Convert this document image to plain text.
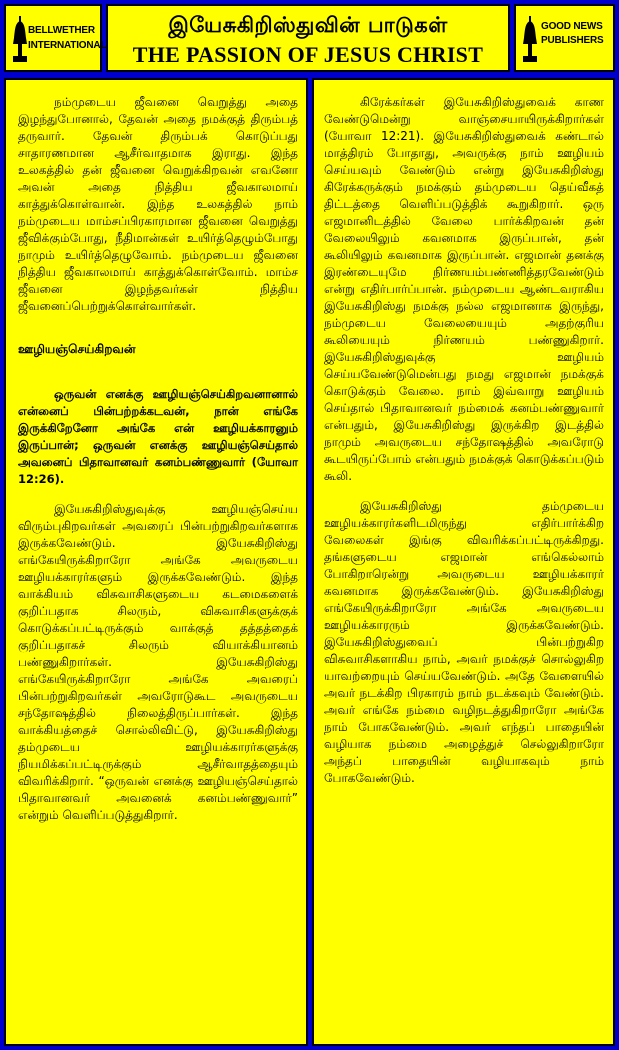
BELLWETHER
INTERNATIONAL
இயேசுகிறிஸ்துவின் பாடுகள்
THE PASSION OF JESUS CHRIST
GOOD NEWS
PUBLISHERS

நம்முடைய ஜீவனை வெறுத்து அதை இழந்துபோனால், தேவன் அதை நமக்குத் திரும்பத் தருவார். தேவன் திரும்பக் கொடுப்பது சாதாரணமான ஆசீர்வாதமாக இராது. இந்த உலகத்தில் தன் ஜீவனை வெறுக்கிறவன் எவனோ அவன் அதை நித்திய ஜீவகாலமாய் காத்துக்கொள்வான். இந்த உலகத்தில் நாம் நம்முடைய மாம்சப்பிரகாரமான ஜீவனை வெறுத்து ஜீவிக்கும்போது, நீதிமான்கள் உயிர்த்தெழும்போது நாமும் உயிர்த்தெழுவோம். நம்முடைய ஜீவனை நித்திய ஜீவகாலமாய் காத்துக்கொள்வோம். மாம்ச ஜீவனை இழந்தவர்கள் நித்திய ஜீவனைப்பெற்றுக்கொள்வார்கள்.

ஊழியஞ்செய்கிறவன்

ஒருவன் எனக்கு ஊழியஞ்செய்கிறவனானால் என்னைப் பின்பற்றக்கடவன், நான் எங்கே இருக்கிறேனோ அங்கே என் ஊழியக்காரனும் இருப்பான்; ஒருவன் எனக்கு ஊழியஞ்செய்தால் அவனைப் பிதாவானவர் கனம்பண்ணுவார் (யோவா 12:26).

இயேசுகிறிஸ்துவுக்கு ஊழியஞ்செய்ய விரும்புகிறவர்கள் அவரைப் பின்பற்றுகிறவர்களாக இருக்கவேண்டும். இயேசுகிறிஸ்து எங்கேயிருக்கிறாரோ அங்கே அவருடைய ஊழியக்காரர்களும் இருக்கவேண்டும். இந்த வாக்கியம் விசுவாசிகளுடைய கடமைகளைக் குறிப்பதாக சிலரும், விசுவாசிகளுக்குக் கொடுக்கப்பட்டிருக்கும் வாக்குத் தத்தத்தைக் குறிப்பதாகச் சிலரும் வியாக்கியானம் பண்ணுகிறார்கள். இயேசுகிறிஸ்து எங்கேயிருக்கிறாரோ அங்கே அவரைப் பின்பற்றுகிறவர்கள் அவரோடுகூட அவருடைய சந்தோஷத்தில் நிலைத்திருப்பார்கள். இந்த வாக்கியத்தைச் சொல்லிவிட்டு, இயேசுகிறிஸ்து தம்முடைய ஊழியக்காரர்களுக்கு நியமிக்கப்பட்டிருக்கும் ஆசீர்வாதத்தையும் விவரிக்கிறார். “ஒருவன் எனக்கு ஊழியஞ்செய்தால் பிதாவானவர் அவனைக் கனம்பண்ணுவார்” என்றும் வெளிப்படுத்துகிறார்.

கிரேக்கர்கள் இயேசுகிறிஸ்துவைக் காண வேண்டுமென்று வாஞ்சையாயிருக்கிறார்கள் (யோவா 12:21). இயேசுகிறிஸ்துவைக் கண்டால் மாத்திரம் போதாது, அவருக்கு நாம் ஊழியம் செய்யவும் வேண்டும் என்று இயேசுகிறிஸ்து கிரேக்கருக்கும் நமக்கும் தம்முடைய தெய்வீகத் திட்டத்தை வெளிப்படுத்திக் கூறுகிறார். ஒரு எஜமானிடத்தில் வேலை பார்க்கிறவன் தன் வேலையிலும் கவனமாக இருப்பான், தன் கூலியிலும் கவனமாக இருப்பான். எஜமான் தனக்கு இரண்டையுமே நிர்ணயம்பண்ணித்தரவேண்டும் என்று எதிர்பார்ப்பான். நம்முடைய ஆண்டவராகிய இயேசுகிறிஸ்து நமக்கு நல்ல எஜமானாக இருந்து, நம்முடைய வேலையையும் அதற்குரிய கூலியையும் நிர்ணயம் பண்ணுகிறார். இயேசுகிறிஸ்துவுக்கு ஊழியம் செய்யவேண்டுமென்பது நமது எஜமான் நமக்குக் கொடுக்கும் வேலை. நாம் இவ்வாறு ஊழியம் செய்தால் பிதாவானவர் நம்மைக் கனம்பண்ணுவார் என்பதும், இயேசுகிறிஸ்து இருக்கிற இடத்தில் நாமும் அவருடைய சந்தோஷத்தில் அவரோடு கூடயிருப்போம் என்பதும் நமக்குக் கொடுக்கப்படும் கூலி.

இயேசுகிறிஸ்து தம்முடைய ஊழியக்காரர்களிடமிருந்து எதிர்பார்க்கிற வேலைகள் இங்கு விவரிக்கப்பட்டிருக்கிறது. தங்களுடைய எஜமான் எங்கெல்லாம் போகிறாரென்று அவருடைய ஊழியக்காரர் கவனமாக இருக்கவேண்டும். இயேசுகிறிஸ்து எங்கேயிருக்கிறாரோ அங்கே அவருடைய ஊழியக்காரரும் இருக்கவேண்டும். இயேசுகிறிஸ்துவைப் பின்பற்றுகிற விசுவாசிகளாகிய நாம், அவர் நமக்குச் சொல்லுகிற யாவற்றையும் செய்யவேண்டும். அதே வேளையில் அவர் நடக்கிற பிரகாரம் நாம் நடக்கவும் வேண்டும். அவர் எங்கே நம்மை வழிநடத்துகிறாரோ அங்கே நாம் போகவேண்டும். அவர் எந்தப் பாதையின் வழியாக நம்மை அழைத்துச் செல்லுகிறாரோ அந்தப் பாதையின் வழியாகவும் நாம் போகவேண்டும்.
